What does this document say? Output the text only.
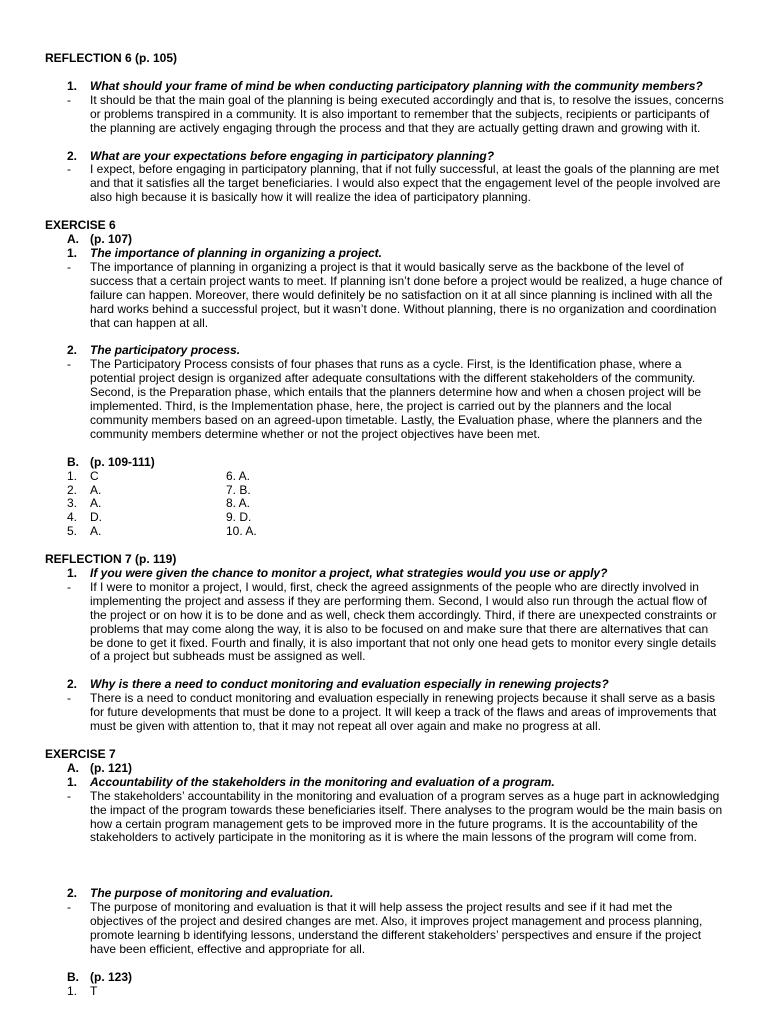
REFLECTION 6 (p. 105)
1. What should your frame of mind be when conducting participatory planning with the community members?
- It should be that the main goal of the planning is being executed accordingly and that is, to resolve the issues, concerns or problems transpired in a community. It is also important to remember that the subjects, recipients or participants of the planning are actively engaging through the process and that they are actually getting drawn and growing with it.
2. What are your expectations before engaging in participatory planning?
- I expect, before engaging in participatory planning, that if not fully successful, at least the goals of the planning are met and that it satisfies all the target beneficiaries. I would also expect that the engagement level of the people involved are also high because it is basically how it will realize the idea of participatory planning.
EXERCISE 6
A. (p. 107)
1. The importance of planning in organizing a project.
- The importance of planning in organizing a project is that it would basically serve as the backbone of the level of success that a certain project wants to meet. If planning isn’t done before a project would be realized, a huge chance of failure can happen. Moreover, there would definitely be no satisfaction on it at all since planning is inclined with all the hard works behind a successful project, but it wasn’t done. Without planning, there is no organization and coordination that can happen at all.
2. The participatory process.
- The Participatory Process consists of four phases that runs as a cycle. First, is the Identification phase, where a potential project design is organized after adequate consultations with the different stakeholders of the community. Second, is the Preparation phase, which entails that the planners determine how and when a chosen project will be implemented. Third, is the Implementation phase, here, the project is carried out by the planners and the local community members based on an agreed-upon timetable. Lastly, the Evaluation phase, where the planners and the community members determine whether or not the project objectives have been met.
B. (p. 109-111)
1. C	6. A.
2. A.	7. B.
3. A.	8. A.
4. D.	9. D.
5. A.	10. A.
REFLECTION 7 (p. 119)
1. If you were given the chance to monitor a project, what strategies would you use or apply?
- If I were to monitor a project, I would, first, check the agreed assignments of the people who are directly involved in implementing the project and assess if they are performing them. Second, I would also run through the actual flow of the project or on how it is to be done and as well, check them accordingly. Third, if there are unexpected constraints or problems that may come along the way, it is also to be focused on and make sure that there are alternatives that can be done to get it fixed. Fourth and finally, it is also important that not only one head gets to monitor every single details of a project but subheads must be assigned as well.
2. Why is there a need to conduct monitoring and evaluation especially in renewing projects?
- There is a need to conduct monitoring and evaluation especially in renewing projects because it shall serve as a basis for future developments that must be done to a project. It will keep a track of the flaws and areas of improvements that must be given with attention to, that it may not repeat all over again and make no progress at all.
EXERCISE 7
A. (p. 121)
1. Accountability of the stakeholders in the monitoring and evaluation of a program.
- The stakeholders’ accountability in the monitoring and evaluation of a program serves as a huge part in acknowledging the impact of the program towards these beneficiaries itself. There analyses to the program would be the main basis on how a certain program management gets to be improved more in the future programs. It is the accountability of the stakeholders to actively participate in the monitoring as it is where the main lessons of the program will come from.
2. The purpose of monitoring and evaluation.
- The purpose of monitoring and evaluation is that it will help assess the project results and see if it had met the objectives of the project and desired changes are met. Also, it improves project management and process planning, promote learning b identifying lessons, understand the different stakeholders’ perspectives and ensure if the project have been efficient, effective and appropriate for all.
B. (p. 123)
1. T
